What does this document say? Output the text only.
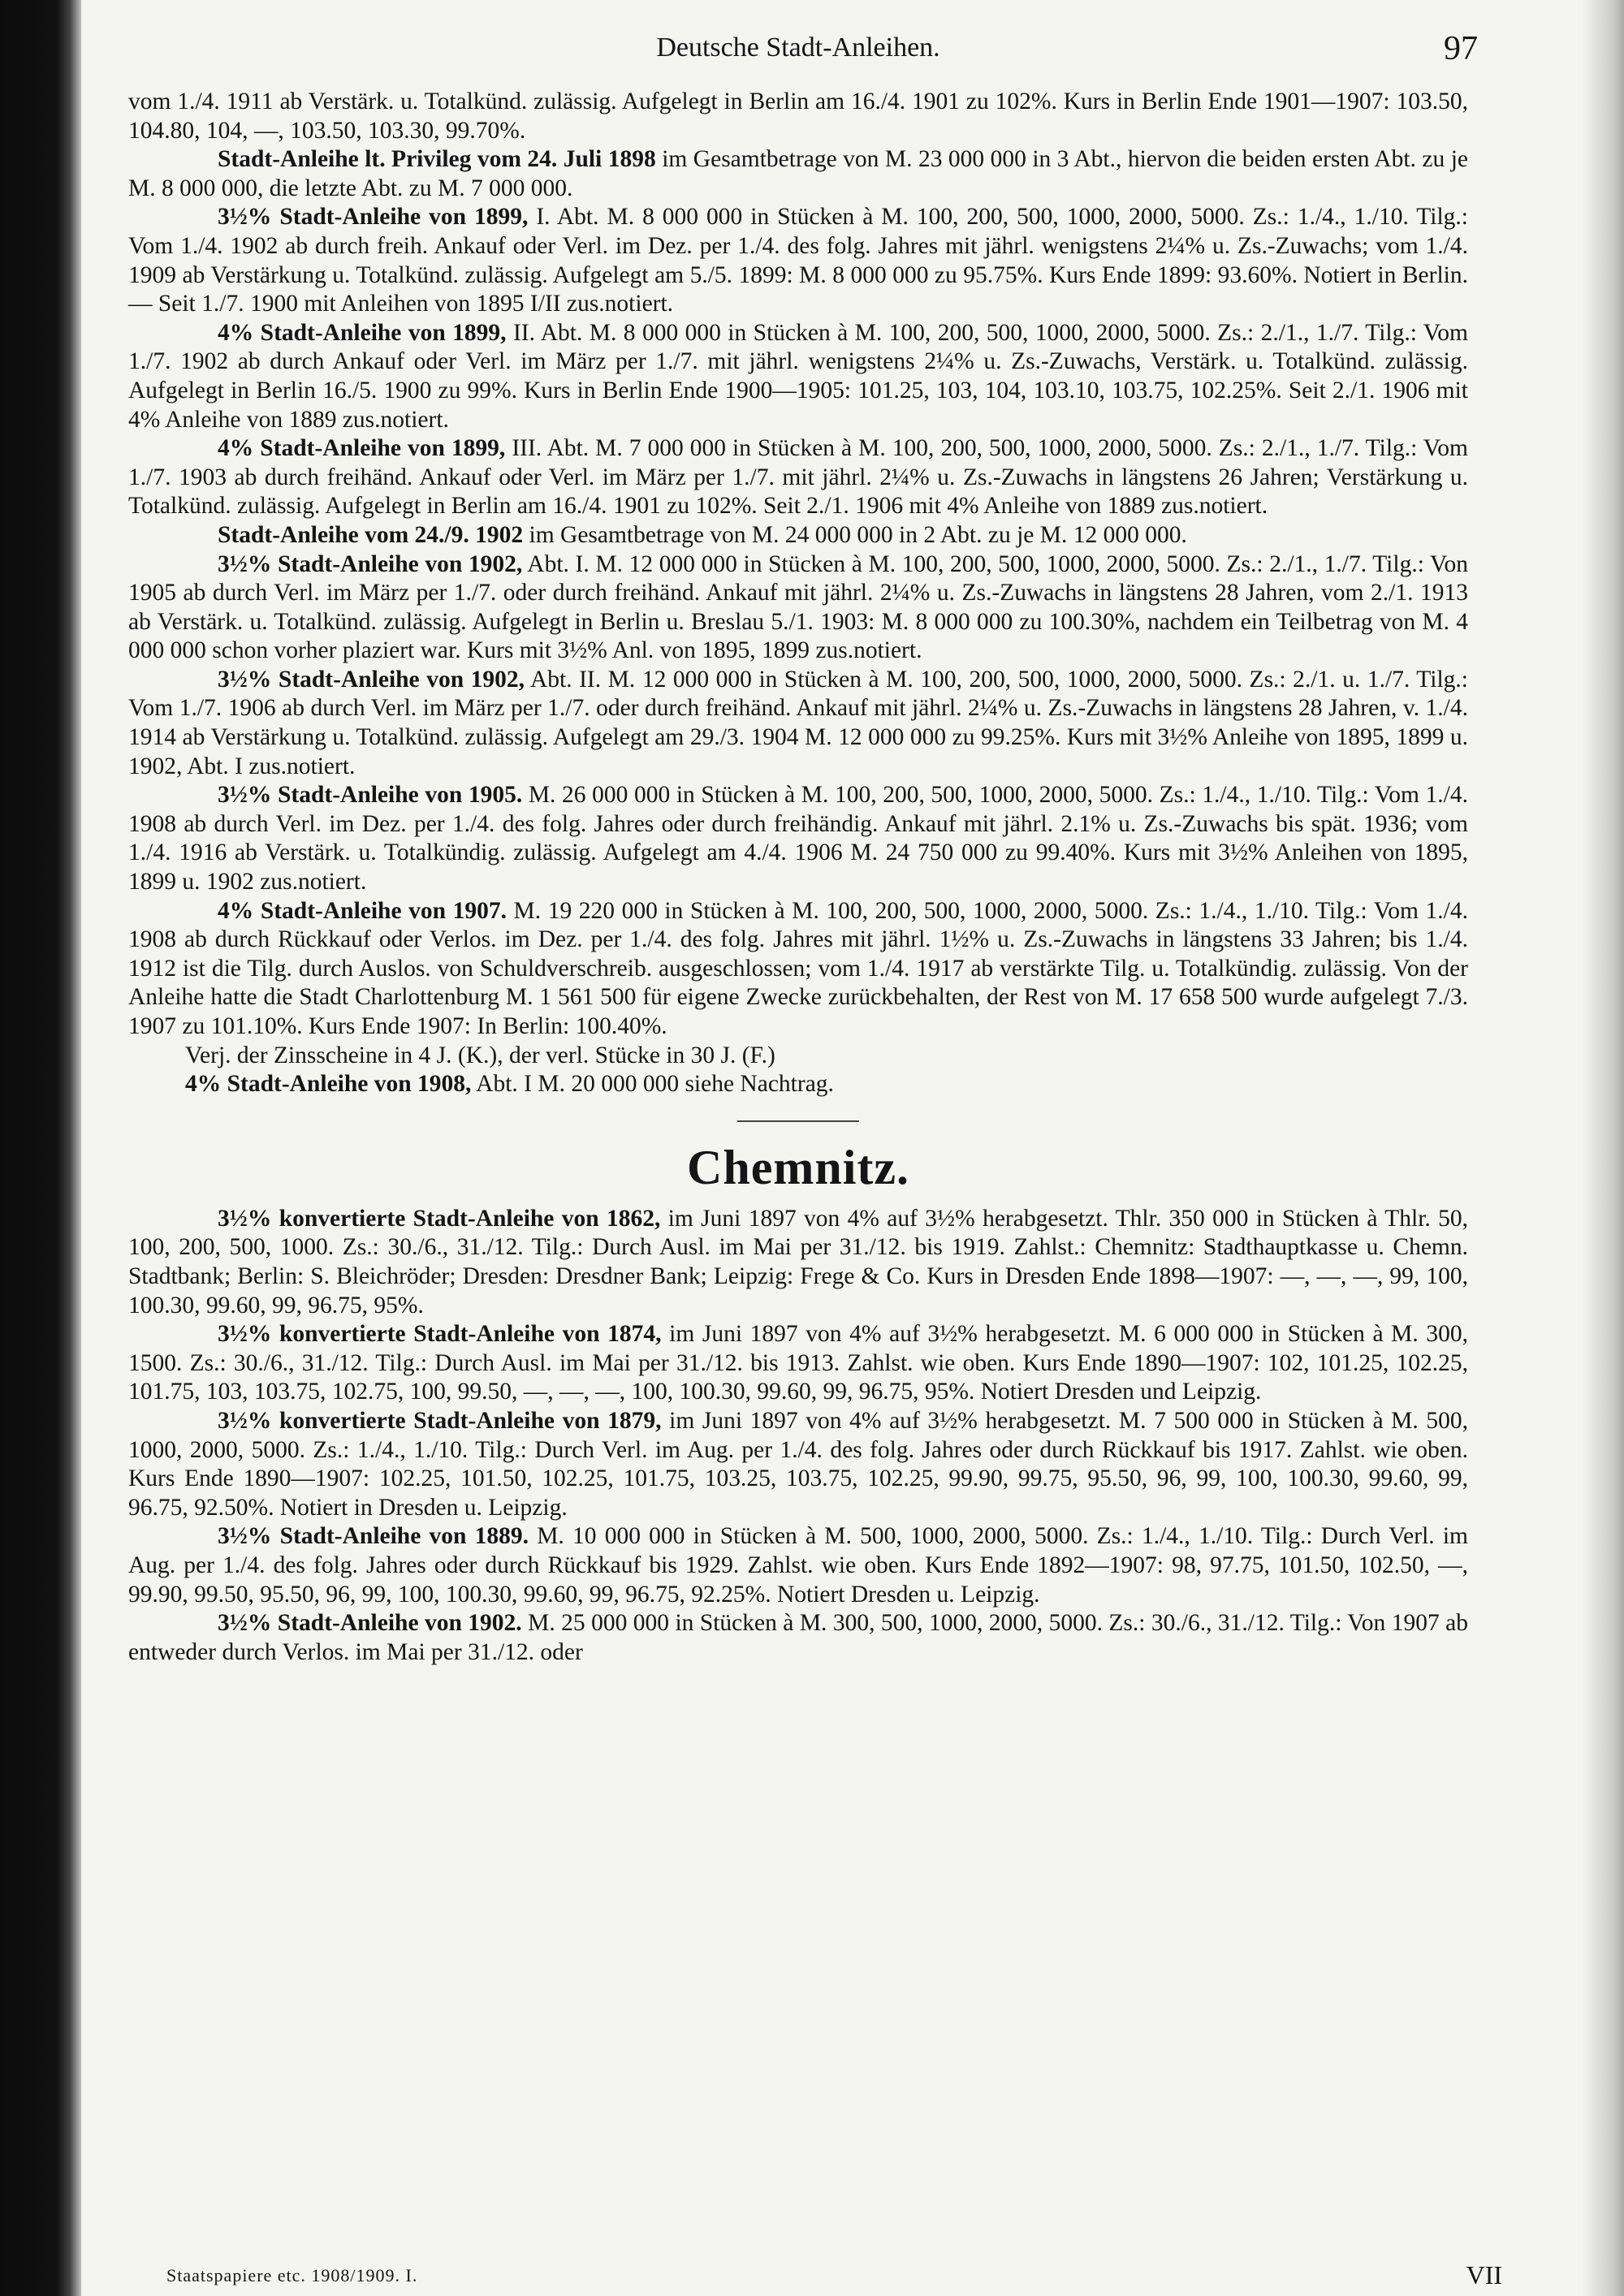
Deutsche Stadt-Anleihen.	97

vom 1./4. 1911 ab Verstärk. u. Totalkünd. zulässig. Aufgelegt in Berlin am 16./4. 1901 zu 102%. Kurs in Berlin Ende 1901—1907: 103.50, 104.80, 104, —, 103.50, 103.30, 99.70%.

Stadt-Anleihe lt. Privileg vom 24. Juli 1898 im Gesamtbetrage von M. 23 000 000 in 3 Abt., hiervon die beiden ersten Abt. zu je M. 8 000 000, die letzte Abt. zu M. 7 000 000.

3½% Stadt-Anleihe von 1899, I. Abt. M. 8 000 000 in Stücken à M. 100, 200, 500, 1000, 2000, 5000. Zs.: 1./4., 1./10. Tilg.: Vom 1./4. 1902 ab durch freih. Ankauf oder Verl. im Dez. per 1./4. des folg. Jahres mit jährl. wenigstens 2¼% u. Zs.-Zuwachs; vom 1./4. 1909 ab Verstärkung u. Totalkünd. zulässig. Aufgelegt am 5./5. 1899: M. 8 000 000 zu 95.75%. Kurs Ende 1899: 93.60%. Notiert in Berlin. — Seit 1./7. 1900 mit Anleihen von 1895 I/II zus.notiert.

4% Stadt-Anleihe von 1899, II. Abt. M. 8 000 000 in Stücken à M. 100, 200, 500, 1000, 2000, 5000. Zs.: 2./1., 1./7. Tilg.: Vom 1./7. 1902 ab durch Ankauf oder Verl. im März per 1./7. mit jährl. wenigstens 2¼% u. Zs.-Zuwachs, Verstärk. u. Totalkünd. zulässig. Aufgelegt in Berlin 16./5. 1900 zu 99%. Kurs in Berlin Ende 1900—1905: 101.25, 103, 104, 103.10, 103.75, 102.25%. Seit 2./1. 1906 mit 4% Anleihe von 1889 zus.notiert.

4% Stadt-Anleihe von 1899, III. Abt. M. 7 000 000 in Stücken à M. 100, 200, 500, 1000, 2000, 5000. Zs.: 2./1., 1./7. Tilg.: Vom 1./7. 1903 ab durch freihänd. Ankauf oder Verl. im März per 1./7. mit jährl. 2¼% u. Zs.-Zuwachs in längstens 26 Jahren; Verstärkung u. Totalkünd. zulässig. Aufgelegt in Berlin am 16./4. 1901 zu 102%. Seit 2./1. 1906 mit 4% Anleihe von 1889 zus.notiert.

Stadt-Anleihe vom 24./9. 1902 im Gesamtbetrage von M. 24 000 000 in 2 Abt. zu je M. 12 000 000.

3½% Stadt-Anleihe von 1902, Abt. I. M. 12 000 000 in Stücken à M. 100, 200, 500, 1000, 2000, 5000. Zs.: 2./1., 1./7. Tilg.: Von 1905 ab durch Verl. im März per 1./7. oder durch freihänd. Ankauf mit jährl. 2¼% u. Zs.-Zuwachs in längstens 28 Jahren, vom 2./1. 1913 ab Verstärk. u. Totalkünd. zulässig. Aufgelegt in Berlin u. Breslau 5./1. 1903: M. 8 000 000 zu 100.30%, nachdem ein Teilbetrag von M. 4 000 000 schon vorher plaziert war. Kurs mit 3½% Anl. von 1895, 1899 zus.notiert.

3½% Stadt-Anleihe von 1902, Abt. II. M. 12 000 000 in Stücken à M. 100, 200, 500, 1000, 2000, 5000. Zs.: 2./1. u. 1./7. Tilg.: Vom 1./7. 1906 ab durch Verl. im März per 1./7. oder durch freihänd. Ankauf mit jährl. 2¼% u. Zs.-Zuwachs in längstens 28 Jahren, v. 1./4. 1914 ab Verstärkung u. Totalkünd. zulässig. Aufgelegt am 29./3. 1904 M. 12 000 000 zu 99.25%. Kurs mit 3½% Anleihe von 1895, 1899 u. 1902, Abt. I zus.notiert.

3½% Stadt-Anleihe von 1905. M. 26 000 000 in Stücken à M. 100, 200, 500, 1000, 2000, 5000. Zs.: 1./4., 1./10. Tilg.: Vom 1./4. 1908 ab durch Verl. im Dez. per 1./4. des folg. Jahres oder durch freihändig. Ankauf mit jährl. 2.1% u. Zs.-Zuwachs bis spät. 1936; vom 1./4. 1916 ab Verstärk. u. Totalkündig. zulässig. Aufgelegt am 4./4. 1906 M. 24 750 000 zu 99.40%. Kurs mit 3½% Anleihen von 1895, 1899 u. 1902 zus.notiert.

4% Stadt-Anleihe von 1907. M. 19 220 000 in Stücken à M. 100, 200, 500, 1000, 2000, 5000. Zs.: 1./4., 1./10. Tilg.: Vom 1./4. 1908 ab durch Rückkauf oder Verlos. im Dez. per 1./4. des folg. Jahres mit jährl. 1½% u. Zs.-Zuwachs in längstens 33 Jahren; bis 1./4. 1912 ist die Tilg. durch Auslos. von Schuldverschreib. ausgeschlossen; vom 1./4. 1917 ab verstärkte Tilg. u. Totalkündig. zulässig. Von der Anleihe hatte die Stadt Charlottenburg M. 1 561 500 für eigene Zwecke zurückbehalten, der Rest von M. 17 658 500 wurde aufgelegt 7./3. 1907 zu 101.10%. Kurs Ende 1907: In Berlin: 100.40%.

Verj. der Zinsscheine in 4 J. (K.), der verl. Stücke in 30 J. (F.)

4% Stadt-Anleihe von 1908, Abt. I M. 20 000 000 siehe Nachtrag.

Chemnitz.

3½% konvertierte Stadt-Anleihe von 1862, im Juni 1897 von 4% auf 3½% herabgesetzt. Thlr. 350 000 in Stücken à Thlr. 50, 100, 200, 500, 1000. Zs.: 30./6., 31./12. Tilg.: Durch Ausl. im Mai per 31./12. bis 1919. Zahlst.: Chemnitz: Stadthauptkasse u. Chemn. Stadtbank; Berlin: S. Bleichröder; Dresden: Dresdner Bank; Leipzig: Frege & Co. Kurs in Dresden Ende 1898—1907: —, —, —, 99, 100, 100.30, 99.60, 99, 96.75, 95%.

3½% konvertierte Stadt-Anleihe von 1874, im Juni 1897 von 4% auf 3½% herabgesetzt. M. 6 000 000 in Stücken à M. 300, 1500. Zs.: 30./6., 31./12. Tilg.: Durch Ausl. im Mai per 31./12. bis 1913. Zahlst. wie oben. Kurs Ende 1890—1907: 102, 101.25, 102.25, 101.75, 103, 103.75, 102.75, 100, 99.50, —, —, —, 100, 100.30, 99.60, 99, 96.75, 95%. Notiert Dresden und Leipzig.

3½% konvertierte Stadt-Anleihe von 1879, im Juni 1897 von 4% auf 3½% herabgesetzt. M. 7 500 000 in Stücken à M. 500, 1000, 2000, 5000. Zs.: 1./4., 1./10. Tilg.: Durch Verl. im Aug. per 1./4. des folg. Jahres oder durch Rückkauf bis 1917. Zahlst. wie oben. Kurs Ende 1890—1907: 102.25, 101.50, 102.25, 101.75, 103.25, 103.75, 102.25, 99.90, 99.75, 95.50, 96, 99, 100, 100.30, 99.60, 99, 96.75, 92.50%. Notiert in Dresden u. Leipzig.

3½% Stadt-Anleihe von 1889. M. 10 000 000 in Stücken à M. 500, 1000, 2000, 5000. Zs.: 1./4., 1./10. Tilg.: Durch Verl. im Aug. per 1./4. des folg. Jahres oder durch Rückkauf bis 1929. Zahlst. wie oben. Kurs Ende 1892—1907: 98, 97.75, 101.50, 102.50, —, 99.90, 99.50, 95.50, 96, 99, 100, 100.30, 99.60, 99, 96.75, 92.25%. Notiert Dresden u. Leipzig.

3½% Stadt-Anleihe von 1902. M. 25 000 000 in Stücken à M. 300, 500, 1000, 2000, 5000. Zs.: 30./6., 31./12. Tilg.: Von 1907 ab entweder durch Verlos. im Mai per 31./12. oder

Staatspapiere etc. 1908/1909. I.	VII
